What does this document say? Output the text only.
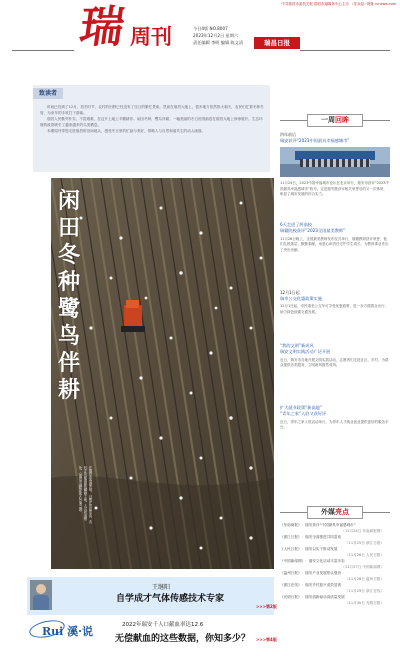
中共瑞昌市委机关报 瑞昌市融媒体中心主办 （非卖品）·网址 rcnews.com
瑞 周刊	今日4版 NO.8007
2023年12月2日 星期六
责任编辑 李明 编辑 陈文清	瑞昌日报
致读者

时间已经到了12月，初冬时节，农村的田野已经没有了往日的繁忙景象。然而在瑞昌大地上，很多地方依然热火朝天，农民们忙着冬种冬管，为来年的丰收打下基础。

瑞昌人民勤劳朴实，不畏艰难，在这片土地上辛勤耕作。闲田冬种，鹭鸟伴耕，一幅美丽的冬日田园画卷在瑞昌大地上徐徐展开。生态环境的改善吸引了越来越多的鸟类栖息。

本期周刊带您走进瑞昌的田间地头，感受冬日里的忙碌与美好，领略人与自然和谐共生的动人画面。

闲
田
冬
种
鹭
鸟
伴
耕
在瑞昌市赛湖农场，白鹭在田间觅食，农机手驾驶旋耕机翻耕土地，人鸟和谐相处。（瑞昌市融媒体中心记者 摄）
王继阳
自学成才气体传感技术专家
>>>第2版
Rui 溪·说	2022年瑞安千人口献血率达12.6
无偿献血的这些数据，你知多少？ >>>第4版
一周回眸
四年前后
瑞安获评“2023中国最具幸福感城市”
11月24日，2023中国幸福城市论坛在北京举行，瑞安市获评“2023中国最具幸福感城市”称号。这是瑞安继获评相关荣誉后的又一次殊荣，彰显了城市发展的综合实力。
6天走进了两高校
瑞籍院校获评“2023全国最美教师”
11月28日晚上，全国最美教师发布仪式举行，瑞籍教师获评荣誉，他们扎根基层、默默奉献，用爱心和责任守护学生成长，为教育事业作出了突出贡献。
12月1日起
瑞市公交优惠政策实施
12月1日起，市民乘坐公交车可享受优惠政策，进一步方便群众出行，助力绿色低碳交通发展。
“我的文明”新成风
瑞安文明实践活动广泛开展
近日，瑞安市各地开展文明实践活动，志愿者们走进社区、乡村，为群众提供各类服务，文明新风蔚然成风。
扩大就业政策“新高地”
“青年之家”入驻又获好评
近日，青年之家入驻活动举行，为青年人才就业创业提供更好的服务平台。
外媒亮点
《东南商报》：瑞安获评“中国最具幸福感城市”
（11月24日 东南商报网）
《浙江日报》：瑞安全面推进共同富裕
（11月25日 浙江日报）
《人民日报》：瑞安以实干推动发展
（11月26日 人民日报）
《中国新闻网》：瑞安文化活动丰富多彩
（11月27日 中国新闻网）
《温州日报》：瑞安产业发展势头强劲
（11月28日 温州日报）
《浙江在线》：瑞安乡村振兴成效显著
（11月29日 浙江在线）
《光明日报》：瑞安创新驱动高质量发展
（11月30日 光明日报）
